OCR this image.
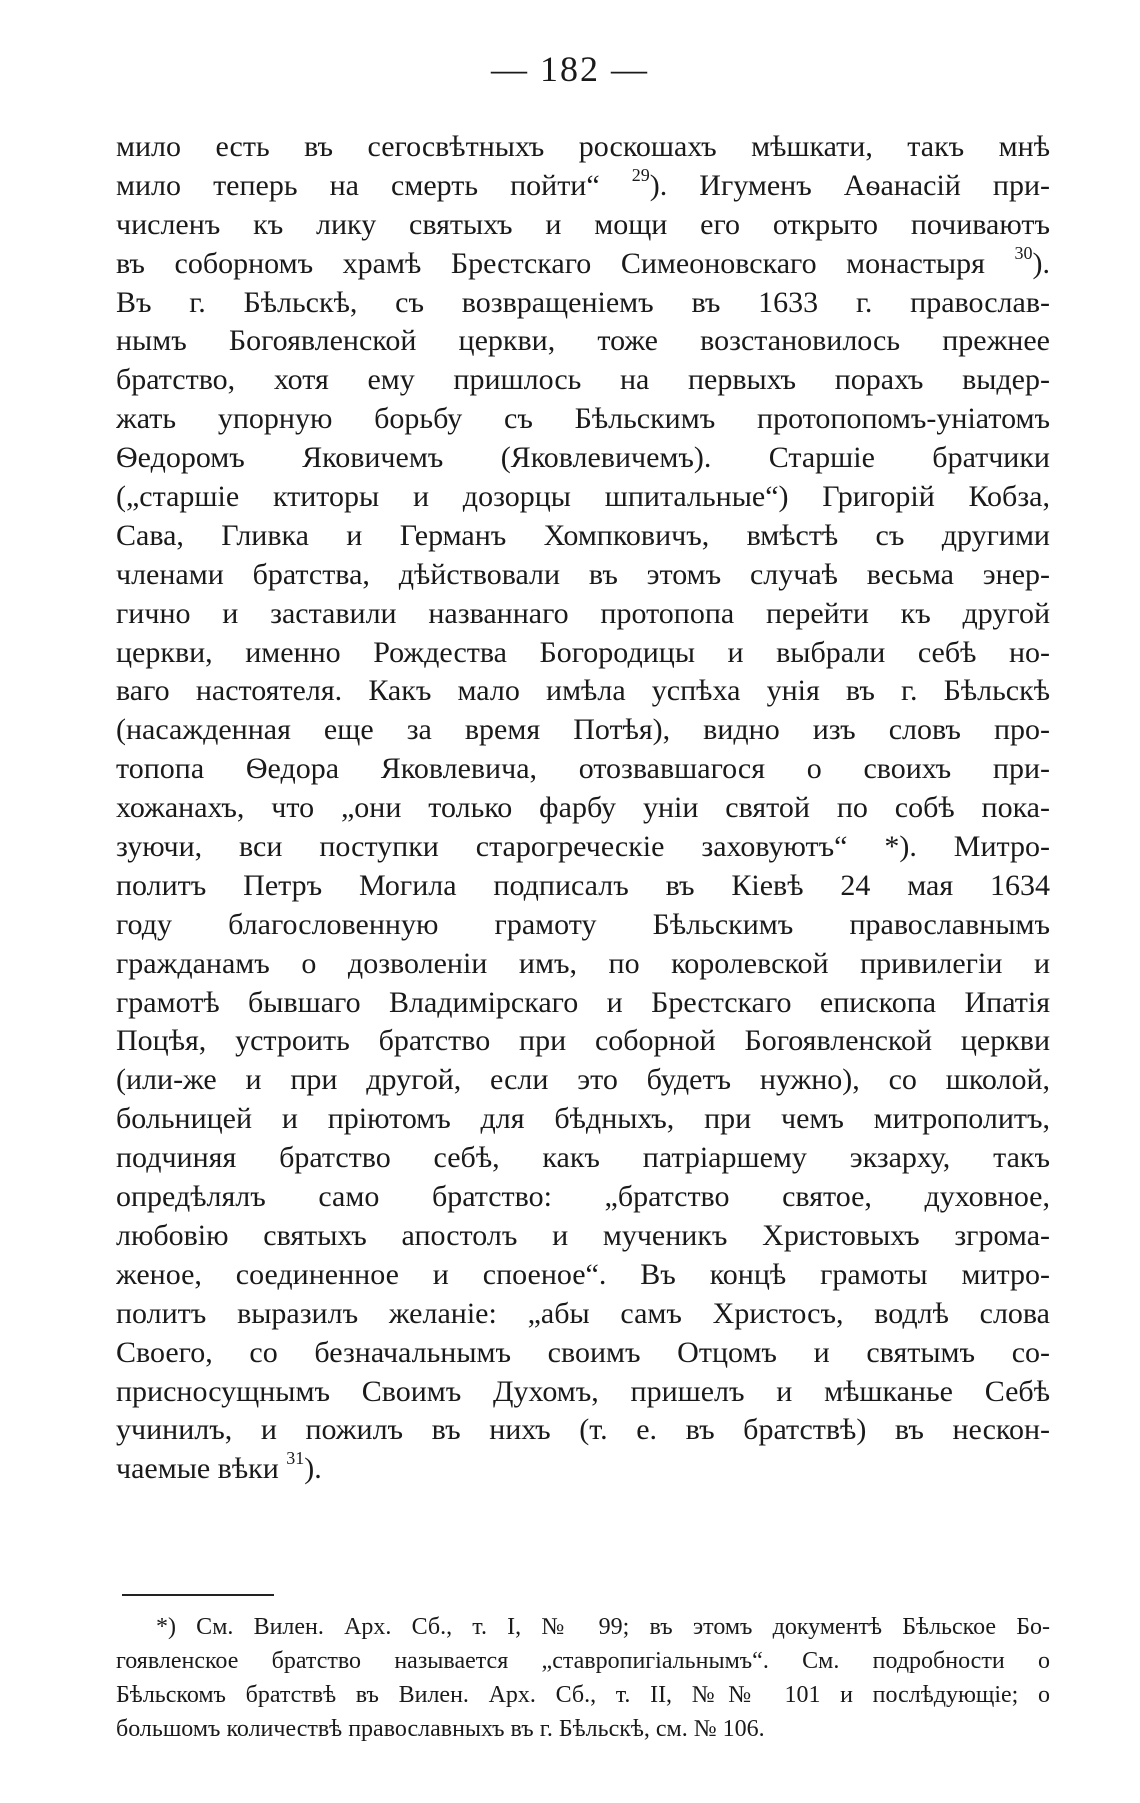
— 182 —
мило есть въ сегосвѣтныхъ роскошахъ мѣшкати, такъ мнѣ
мило теперь на смерть пойти“ $^{29}$). Игуменъ Аѳанасій при-
численъ къ лику святыхъ и мощи его открыто почиваютъ
въ соборномъ храмѣ Брестскаго Симеоновскаго монастыря $^{30}$).
Въ г. Бѣльскѣ, съ возвращеніемъ въ 1633 г. православ-
нымъ Богоявленской церкви, тоже возстановилось прежнее
братство, хотя ему пришлось на первыхъ порахъ выдер-
жать упорную борьбу съ Бѣльскимъ протопопомъ-уніатомъ
Ѳедоромъ Яковичемъ (Яковлевичемъ). Старшіе братчики
(„старшіе ктиторы и дозорцы шпитальные“) Григорій Кобза,
Сава, Гливка и Германъ Хомпковичъ, вмѣстѣ съ другими
членами братства, дѣйствовали въ этомъ случаѣ весьма энер-
гично и заставили названнаго протопопа перейти къ другой
церкви, именно Рождества Богородицы и выбрали себѣ но-
ваго настоятеля. Какъ мало имѣла успѣха унія въ г. Бѣльскѣ
(насажденная еще за время Потѣя), видно изъ словъ про-
топопа Ѳедора Яковлевича, отозвавшагося о своихъ при-
хожанахъ, что „они только фарбу уніи святой по собѣ пока-
зуючи, вси поступки старогреческіе заховуютъ“ *). Митро-
политъ Петръ Могила подписалъ въ Кіевѣ 24 мая 1634
году благословенную грамоту Бѣльскимъ православнымъ
гражданамъ о дозволеніи имъ, по королевской привилегіи и
грамотѣ бывшаго Владимірскаго и Брестскаго епископа Ипатія
Поцѣя, устроить братство при соборной Богоявленской церкви
(или-же и при другой, если это будетъ нужно), со школой,
больницей и пріютомъ для бѣдныхъ, при чемъ митрополитъ,
подчиняя братство себѣ, какъ патріаршему экзарху, такъ
опредѣлялъ само братство: „братство святое, духовное,
любовію святыхъ апостолъ и мученикъ Христовыхъ згрома-
женое, соединенное и споеное“. Въ концѣ грамоты митро-
политъ выразилъ желаніе: „абы самъ Христосъ, водлѣ слова
Своего, со безначальнымъ своимъ Отцомъ и святымъ со-
присносущнымъ Своимъ Духомъ, пришелъ и мѣшканье Себѣ
учинилъ, и пожилъ въ нихъ (т. е. въ братствѣ) въ нескон-
чаемые вѣки $^{31}$).
*) См. Вилен. Арх. Сб., т. I, № 99; въ этомъ документѣ Бѣльское Бо-
гоявленское братство называется „ставропигіальнымъ“. См. подробности о
Бѣльскомъ братствѣ въ Вилен. Арх. Сб., т. II, №№ 101 и послѣдующіе; о
большомъ количествѣ православныхъ въ г. Бѣльскѣ, см. № 106.
